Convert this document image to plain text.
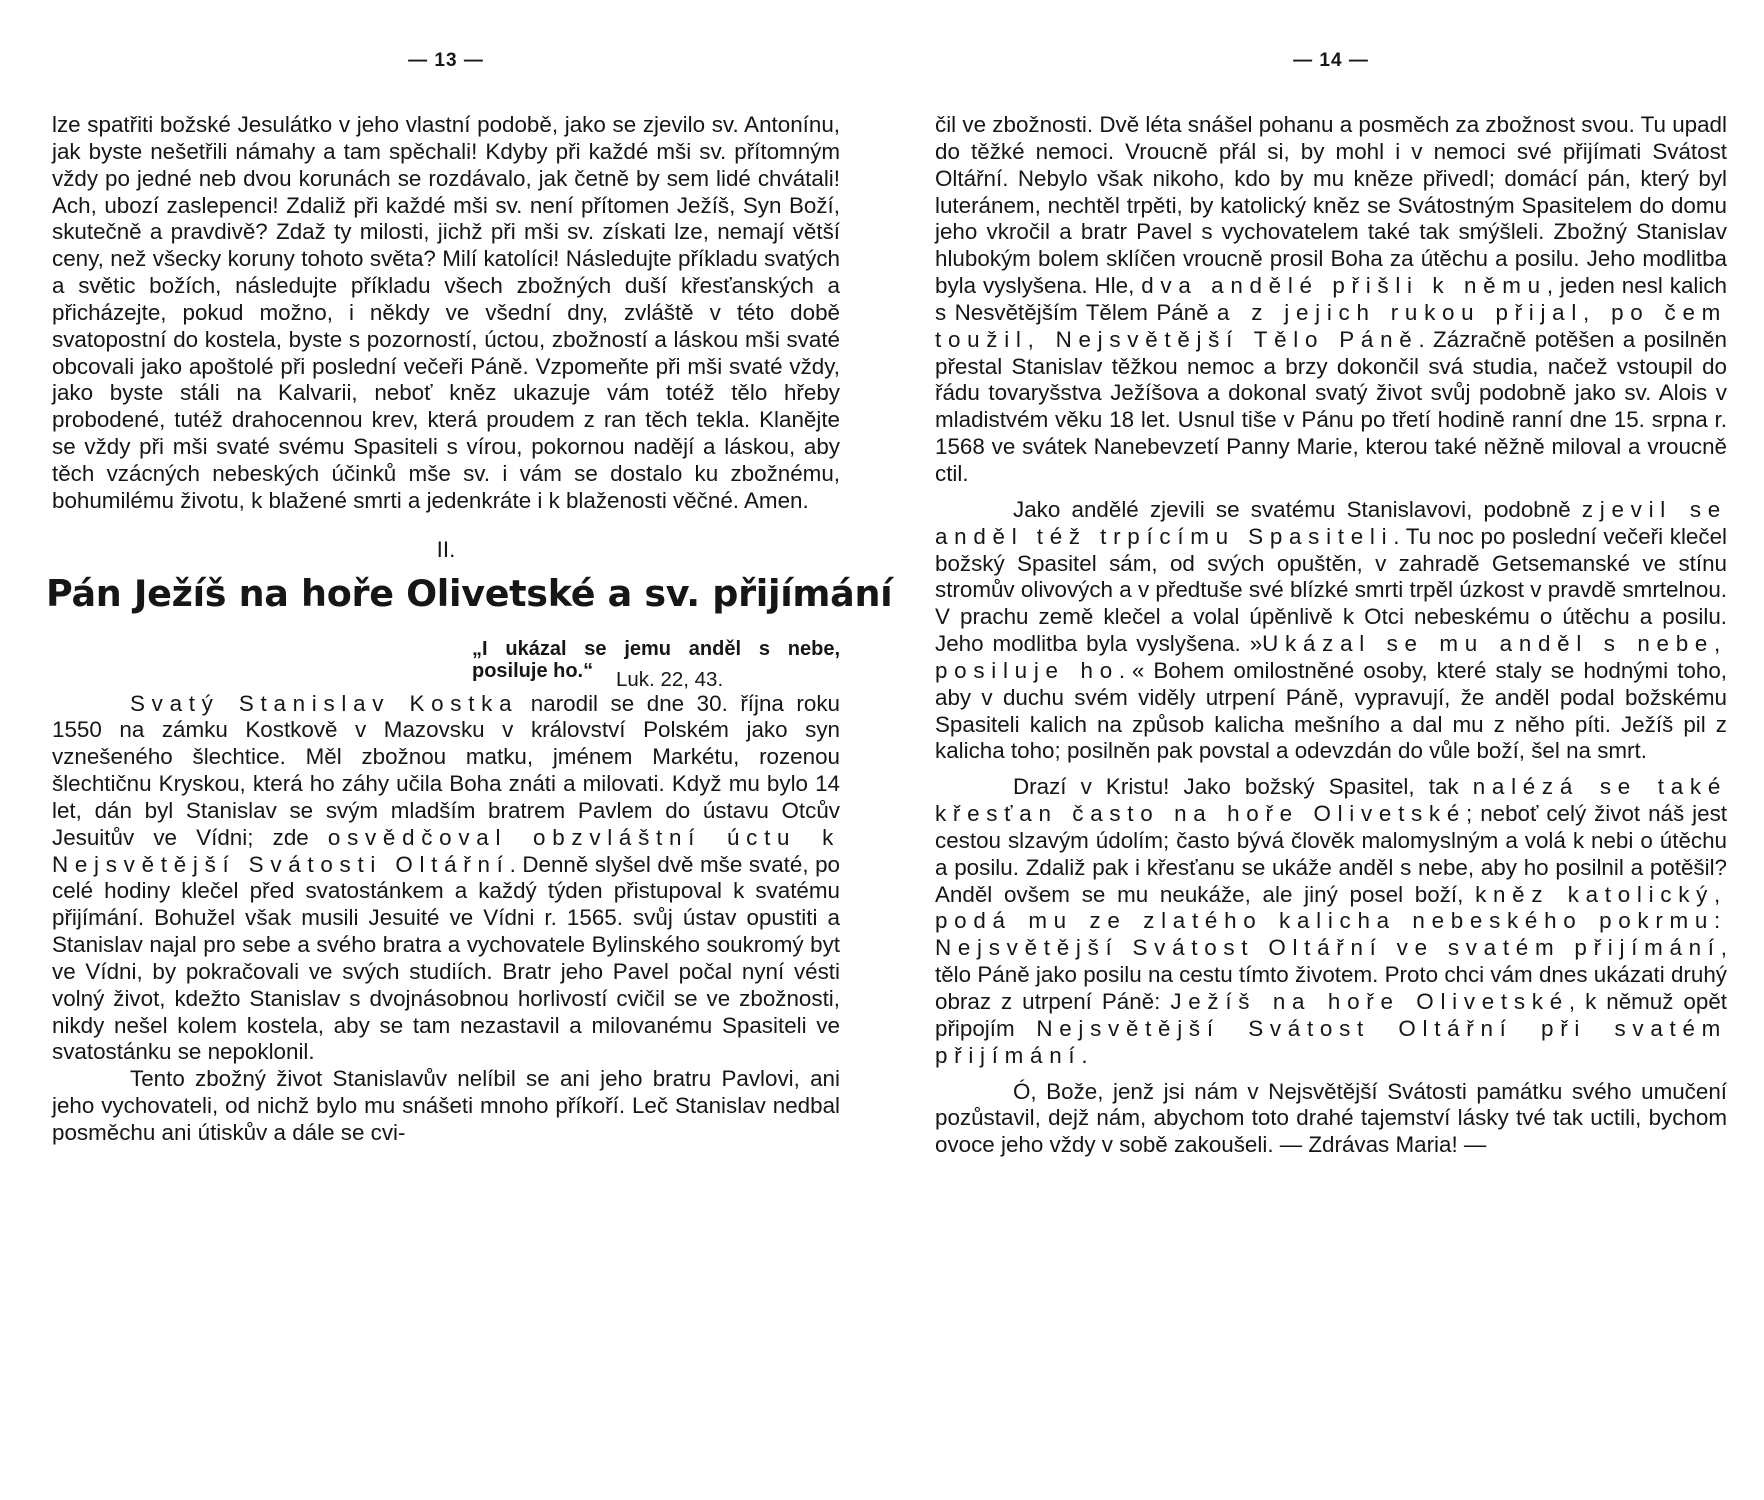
— 13 —

lze spatřiti božské Jesulátko v jeho vlastní podobě, jako se zjevilo sv. Antonínu, jak byste nešetřili námahy a tam spěchali! Kdyby při každé mši sv. přítomným vždy po jedné neb dvou korunách se rozdávalo, jak četně by sem lidé chvátali! Ach, ubozí zaslepenci! Zdaliž při každé mši sv. není přítomen Ježíš, Syn Boží, skutečně a pravdivě? Zdaž ty milosti, jichž při mši sv. získati lze, nemají větší ceny, než všecky koruny tohoto světa? Milí katolíci! Následujte příkladu svatých a světic božích, následujte příkladu všech zbožných duší křesťanských a přicházejte, pokud možno, i někdy ve všední dny, zvláště v této době svatopostní do kostela, byste s pozorností, úctou, zbožností a láskou mši svaté obcovali jako apoštolé při poslední večeři Páně. Vzpomeňte při mši svaté vždy, jako byste stáli na Kalvarii, neboť kněz ukazuje vám totéž tělo hřeby probodené, tutéž drahocennou krev, která proudem z ran těch tekla. Klanějte se vždy při mši svaté svému Spasiteli s vírou, pokornou nadějí a láskou, aby těch vzácných nebeských účinků mše sv. i vám se dostalo ku zbožnému, bohumilému životu, k blažené smrti a jedenkráte i k blaženosti věčné. Amen.

II.

Pán Ježíš na hoře Olivetské a sv. přijímání

„I ukázal se jemu anděl s nebe,
posiluje ho.“ Luk. 22, 43.

Svatý Stanislav Kostka narodil se dne 30. října roku 1550 na zámku Kostkově v Mazovsku v království Polském jako syn vznešeného šlechtice. Měl zbožnou matku, jménem Markétu, rozenou šlechtičnu Kryskou, která ho záhy učila Boha znáti a milovati. Když mu bylo 14 let, dán byl Stanislav se svým mladším bratrem Pavlem do ústavu Otcův Jesuitův ve Vídni; zde osvědčoval obzvláštní úctu k Nejsvětější Svátosti Oltářní. Denně slyšel dvě mše svaté, po celé hodiny klečel před svatostánkem a každý týden přistupoval k svatému přijímání. Bohužel však musili Jesuité ve Vídni r. 1565. svůj ústav opustiti a Stanislav najal pro sebe a svého bratra a vychovatele Bylinského soukromý byt ve Vídni, by pokračovali ve svých studiích. Bratr jeho Pavel počal nyní vésti volný život, kdežto Stanislav s dvojnásobnou horlivostí cvičil se ve zbožnosti, nikdy nešel kolem kostela, aby se tam nezastavil a milovanému Spasiteli ve svatostánku se nepoklonil.

Tento zbožný život Stanislavův nelíbil se ani jeho bratru Pavlovi, ani jeho vychovateli, od nichž bylo mu snášeti mnoho příkoří. Leč Stanislav nedbal posměchu ani útiskův a dále se cvi-

— 14 —

čil ve zbožnosti. Dvě léta snášel pohanu a posměch za zbožnost svou. Tu upadl do těžké nemoci. Vroucně přál si, by mohl i v nemoci své přijímati Svátost Oltářní. Nebylo však nikoho, kdo by mu kněze přivedl; domácí pán, který byl luteránem, nechtěl trpěti, by katolický kněz se Svátostným Spasitelem do domu jeho vkročil a bratr Pavel s vychovatelem také tak smýšleli. Zbožný Stanislav hlubokým bolem sklíčen vroucně prosil Boha za útěchu a posilu. Jeho modlitba byla vyslyšena. Hle, dva andělé přišli k němu, jeden nesl kalich s Nesvětějším Tělem Páně a z jejich rukou přijal, po čem toužil, Nejsvětější Tělo Páně. Zázračně potěšen a posilněn přestal Stanislav těžkou nemoc a brzy dokončil svá studia, načež vstoupil do řádu tovaryšstva Ježíšova a dokonal svatý život svůj podobně jako sv. Alois v mladistvém věku 18 let. Usnul tiše v Pánu po třetí hodině ranní dne 15. srpna r. 1568 ve svátek Nanebevzetí Panny Marie, kterou také něžně miloval a vroucně ctil.

Jako andělé zjevili se svatému Stanislavovi, podobně zjevil se anděl též trpícímu Spasiteli. Tu noc po poslední večeři klečel božský Spasitel sám, od svých opuštěn, v zahradě Getsemanské ve stínu stromův olivových a v předtuše své blízké smrti trpěl úzkost v pravdě smrtelnou. V prachu země klečel a volal úpěnlivě k Otci nebeskému o útěchu a posilu. Jeho modlitba byla vyslyšena. »Ukázal se mu anděl s nebe, posiluje ho.« Bohem omilostněné osoby, které staly se hodnými toho, aby v duchu svém viděly utrpení Páně, vypravují, že anděl podal božskému Spasiteli kalich na způsob kalicha mešního a dal mu z něho píti. Ježíš pil z kalicha toho; posilněn pak povstal a odevzdán do vůle boží, šel na smrt.

Drazí v Kristu! Jako božský Spasitel, tak nalézá se také křesťan často na hoře Olivetské; neboť celý život náš jest cestou slzavým údolím; často bývá člověk malomyslným a volá k nebi o útěchu a posilu. Zdaliž pak i křesťanu se ukáže anděl s nebe, aby ho posilnil a potěšil? Anděl ovšem se mu neukáže, ale jiný posel boží, kněz katolický, podá mu ze zlatého kalicha nebeského pokrmu: Nejsvětější Svátost Oltářní ve svatém přijímání, tělo Páně jako posilu na cestu tímto životem. Proto chci vám dnes ukázati druhý obraz z utrpení Páně: Ježíš na hoře Olivetské, k němuž opět připojím Nejsvětější Svátost Oltářní při svatém přijímání.

Ó, Bože, jenž jsi nám v Nejsvětější Svátosti památku svého umučení pozůstavil, dejž nám, abychom toto drahé tajemství lásky tvé tak uctili, bychom ovoce jeho vždy v sobě zakoušeli. — Zdrávas Maria! —
